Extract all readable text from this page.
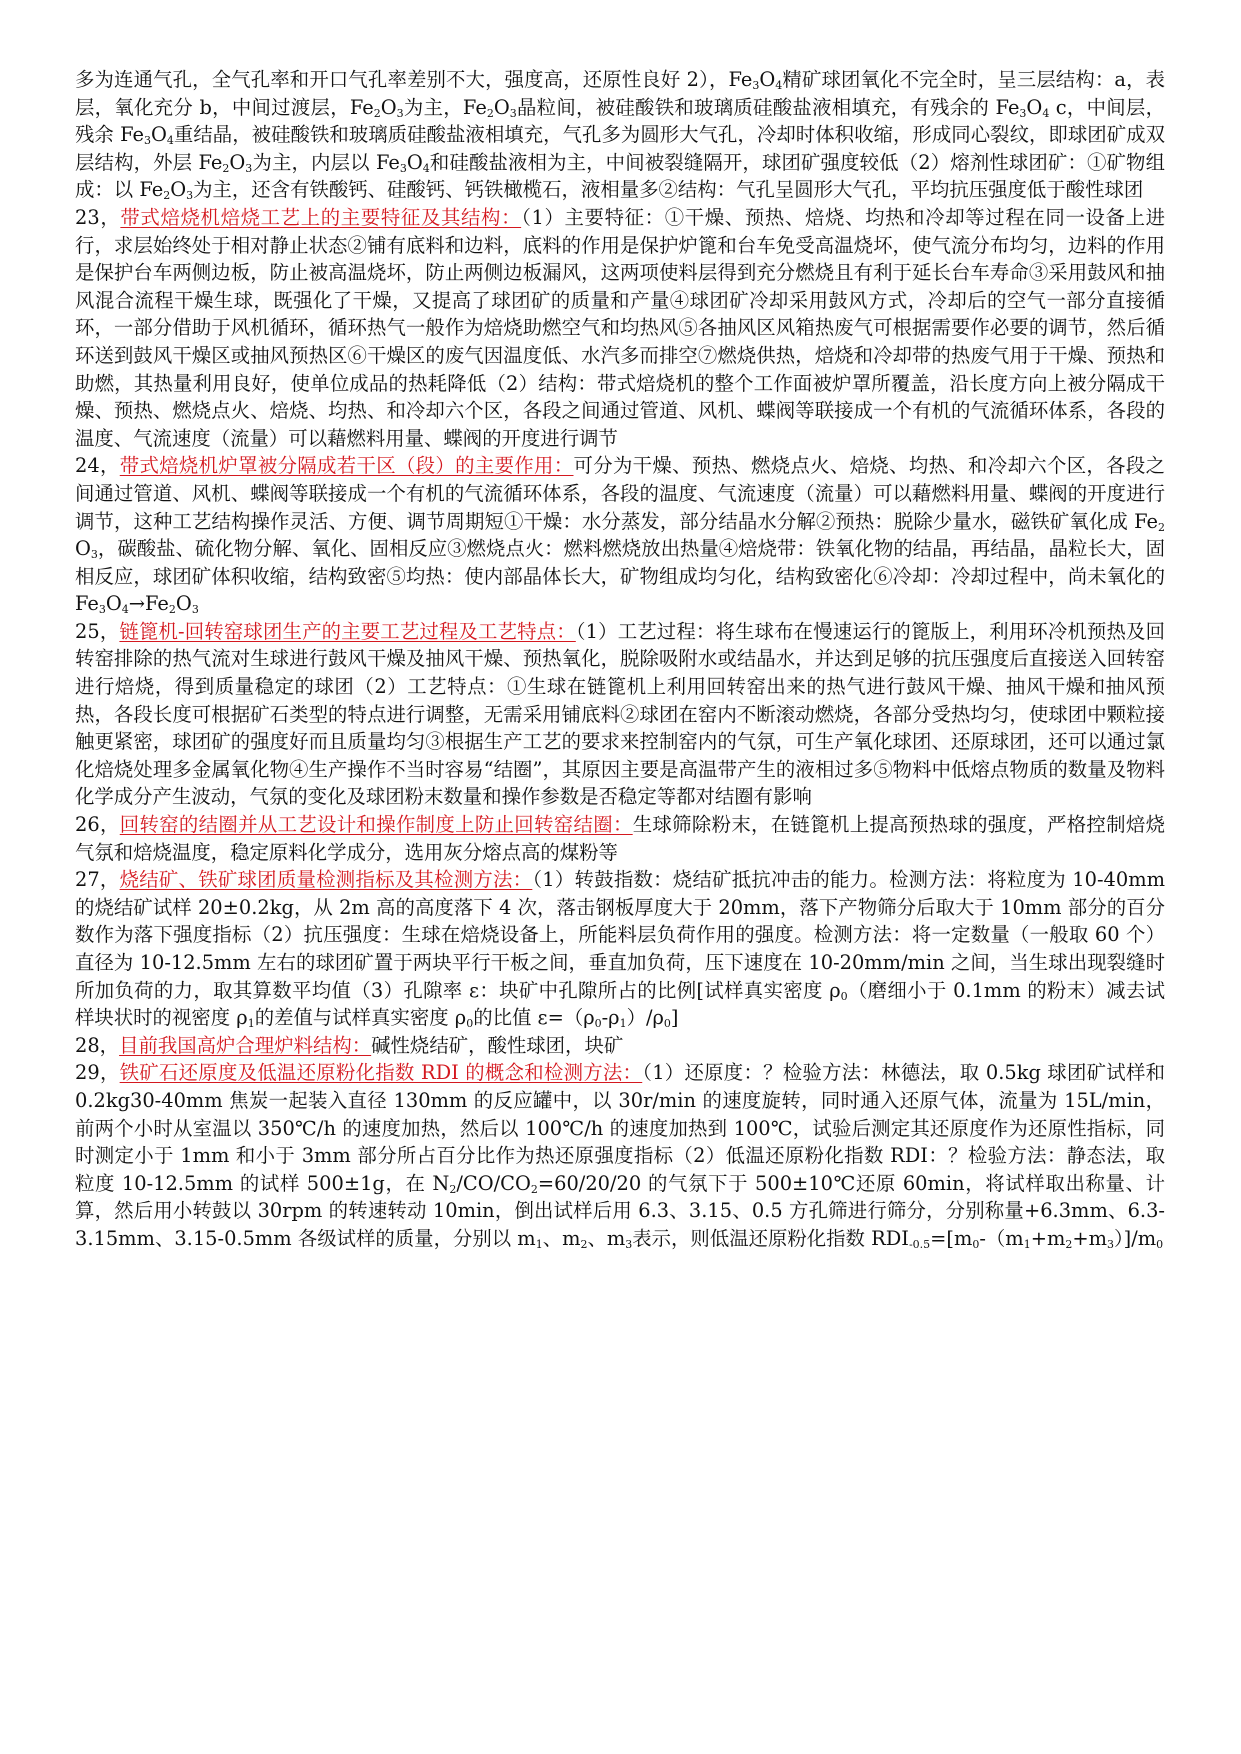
多为连通气孔，全气孔率和开口气孔率差别不大，强度高，还原性良好 2），$Fe_3O_4$精矿球团氧化不完全时，呈三层结构：a，表层，氧化充分 b，中间过渡层，$Fe_2O_3$为主，$Fe_2O_3$晶粒间，被硅酸铁和玻璃质硅酸盐液相填充，有残余的 $Fe_3O_4$ c，中间层，残余 $Fe_3O_4$重结晶，被硅酸铁和玻璃质硅酸盐液相填充，气孔多为圆形大气孔，冷却时体积收缩，形成同心裂纹，即球团矿成双层结构，外层 $Fe_2O_3$为主，内层以 $Fe_3O_4$和硅酸盐液相为主，中间被裂缝隔开，球团矿强度较低（2）熔剂性球团矿：①矿物组成：以 $Fe_2O_3$为主，还含有铁酸钙、硅酸钙、钙铁橄榄石，液相量多②结构：气孔呈圆形大气孔，平均抗压强度低于酸性球团

23，带式焙烧机焙烧工艺上的主要特征及其结构：（1）主要特征：①干燥、预热、焙烧、均热和冷却等过程在同一设备上进行，求层始终处于相对静止状态②铺有底料和边料，底料的作用是保护炉篦和台车免受高温烧坏，使气流分布均匀，边料的作用是保护台车两侧边板，防止被高温烧坏，防止两侧边板漏风，这两项使料层得到充分燃烧且有利于延长台车寿命③采用鼓风和抽风混合流程干燥生球，既强化了干燥，又提高了球团矿的质量和产量④球团矿冷却采用鼓风方式，冷却后的空气一部分直接循环，一部分借助于风机循环，循环热气一般作为焙烧助燃空气和均热风⑤各抽风区风箱热废气可根据需要作必要的调节，然后循环送到鼓风干燥区或抽风预热区⑥干燥区的废气因温度低、水汽多而排空⑦燃烧供热，焙烧和冷却带的热废气用于干燥、预热和助燃，其热量利用良好，使单位成品的热耗降低（2）结构：带式焙烧机的整个工作面被炉罩所覆盖，沿长度方向上被分隔成干燥、预热、燃烧点火、焙烧、均热、和冷却六个区，各段之间通过管道、风机、蝶阀等联接成一个有机的气流循环体系，各段的温度、气流速度（流量）可以藉燃料用量、蝶阀的开度进行调节

24，带式焙烧机炉罩被分隔成若干区（段）的主要作用：可分为干燥、预热、燃烧点火、焙烧、均热、和冷却六个区，各段之间通过管道、风机、蝶阀等联接成一个有机的气流循环体系，各段的温度、气流速度（流量）可以藉燃料用量、蝶阀的开度进行调节，这种工艺结构操作灵活、方便、调节周期短①干燥：水分蒸发，部分结晶水分解②预热：脱除少量水，磁铁矿氧化成 $Fe_2O_3$，碳酸盐、硫化物分解、氧化、固相反应③燃烧点火：燃料燃烧放出热量④焙烧带：铁氧化物的结晶，再结晶，晶粒长大，固相反应，球团矿体积收缩，结构致密⑤均热：使内部晶体长大，矿物组成均匀化，结构致密化⑥冷却：冷却过程中，尚未氧化的 $Fe_3O_4\to Fe_2O_3$

25，链篦机-回转窑球团生产的主要工艺过程及工艺特点：（1）工艺过程：将生球布在慢速运行的篦版上，利用环冷机预热及回转窑排除的热气流对生球进行鼓风干燥及抽风干燥、预热氧化，脱除吸附水或结晶水，并达到足够的抗压强度后直接送入回转窑进行焙烧，得到质量稳定的球团（2）工艺特点：①生球在链篦机上利用回转窑出来的热气进行鼓风干燥、抽风干燥和抽风预热，各段长度可根据矿石类型的特点进行调整，无需采用铺底料②球团在窑内不断滚动燃烧，各部分受热均匀，使球团中颗粒接触更紧密，球团矿的强度好而且质量均匀③根据生产工艺的要求来控制窑内的气氛，可生产氧化球团、还原球团，还可以通过氯化焙烧处理多金属氧化物④生产操作不当时容易“结圈”，其原因主要是高温带产生的液相过多⑤物料中低熔点物质的数量及物料化学成分产生波动，气氛的变化及球团粉末数量和操作参数是否稳定等都对结圈有影响

26，回转窑的结圈并从工艺设计和操作制度上防止回转窑结圈：生球筛除粉末，在链篦机上提高预热球的强度，严格控制焙烧气氛和焙烧温度，稳定原料化学成分，选用灰分熔点高的煤粉等

27，烧结矿、铁矿球团质量检测指标及其检测方法：（1）转鼓指数：烧结矿抵抗冲击的能力。检测方法：将粒度为 10-40mm 的烧结矿试样 20±0.2kg，从 2m 高的高度落下 4 次，落击钢板厚度大于 20mm，落下产物筛分后取大于 10mm 部分的百分数作为落下强度指标（2）抗压强度：生球在焙烧设备上，所能料层负荷作用的强度。检测方法：将一定数量（一般取 60 个）直径为 10-12.5mm 左右的球团矿置于两块平行干板之间，垂直加负荷，压下速度在 10-20mm/min 之间，当生球出现裂缝时所加负荷的力，取其算数平均值（3）孔隙率 ε：块矿中孔隙所占的比例[试样真实密度 $\rho_0$（磨细小于 0.1mm 的粉末）减去试样块状时的视密度 $\rho_1$的差值与试样真实密度 $\rho_0$的比值 $\varepsilon=(\rho_0-\rho_1)/\rho_0$]

28，目前我国高炉合理炉料结构：碱性烧结矿，酸性球团，块矿

29，铁矿石还原度及低温还原粉化指数 RDI 的概念和检测方法：（1）还原度：？检验方法：林德法，取 0.5kg 球团矿试样和 0.2kg30-40mm 焦炭一起装入直径 130mm 的反应罐中，以 30r/min 的速度旋转，同时通入还原气体，流量为 15L/min，前两个小时从室温以 350℃/h 的速度加热，然后以 100℃/h 的速度加热到 100℃，试验后测定其还原度作为还原性指标，同时测定小于 1mm 和小于 3mm 部分所占百分比作为热还原强度指标（2）低温还原粉化指数 RDI：？检验方法：静态法，取粒度 10-12.5mm 的试样 500±1g，在 $N_2/CO/CO_2=60/20/20$ 的气氛下于 500±10℃还原 60min，将试样取出称量、计算，然后用小转鼓以 30rpm 的转速转动 10min，倒出试样后用 6.3、3.15、0.5 方孔筛进行筛分，分别称量+6.3mm、6.3-3.15mm、3.15-0.5mm 各级试样的质量，分别以 $m_1$、$m_2$、$m_3$表示，则低温还原粉化指数 $RDI_{-0.5}=[m_0-(m_1+m_2+m_3)]/m_0$
